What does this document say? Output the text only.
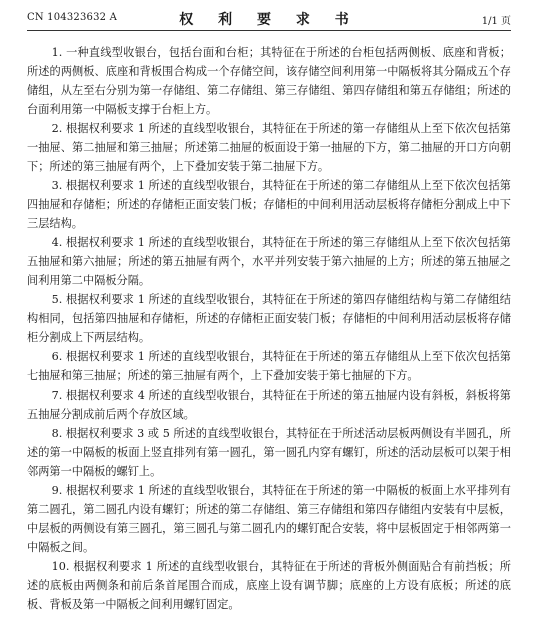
CN 104323632 A	权 利 要 求 书	1/1 页

1. 一种直线型收银台，包括台面和台柜；其特征在于所述的台柜包括两侧板、底座和背板；所述的两侧板、底座和背板围合构成一个存储空间，该存储空间利用第一中隔板将其分隔成五个存储组，从左至右分别为第一存储组、第二存储组、第三存储组、第四存储组和第五存储组；所述的台面利用第一中隔板支撑于台柜上方。

2. 根据权利要求 1 所述的直线型收银台，其特征在于所述的第一存储组从上至下依次包括第一抽屉、第二抽屉和第三抽屉；所述第二抽屉的板面设于第一抽屉的下方，第二抽屉的开口方向朝下；所述的第三抽屉有两个，上下叠加安装于第二抽屉下方。

3. 根据权利要求 1 所述的直线型收银台，其特征在于所述的第二存储组从上至下依次包括第四抽屉和存储柜；所述的存储柜正面安装门板；存储柜的中间利用活动层板将存储柜分割成上中下三层结构。

4. 根据权利要求 1 所述的直线型收银台，其特征在于所述的第三存储组从上至下依次包括第五抽屉和第六抽屉；所述的第五抽屉有两个，水平并列安装于第六抽屉的上方；所述的第五抽屉之间利用第二中隔板分隔。

5. 根据权利要求 1 所述的直线型收银台，其特征在于所述的第四存储组结构与第二存储组结构相同，包括第四抽屉和存储柜，所述的存储柜正面安装门板；存储柜的中间利用活动层板将存储柜分割成上下两层结构。

6. 根据权利要求 1 所述的直线型收银台，其特征在于所述的第五存储组从上至下依次包括第七抽屉和第三抽屉；所述的第三抽屉有两个，上下叠加安装于第七抽屉的下方。

7. 根据权利要求 4 所述的直线型收银台，其特征在于所述的第五抽屉内设有斜板，斜板将第五抽屉分割成前后两个存放区域。

8. 根据权利要求 3 或 5 所述的直线型收银台，其特征在于所述活动层板两侧设有半圆孔，所述的第一中隔板的板面上竖直排列有第一圆孔，第一圆孔内穿有螺钉，所述的活动层板可以架于相邻两第一中隔板的螺钉上。

9. 根据权利要求 1 所述的直线型收银台，其特征在于所述的第一中隔板的板面上水平排列有第二圆孔，第二圆孔内设有螺钉；所述的第二存储组、第三存储组和第四存储组内安装有中层板，中层板的两侧设有第三圆孔，第三圆孔与第二圆孔内的螺钉配合安装，将中层板固定于相邻两第一中隔板之间。

10. 根据权利要求 1 所述的直线型收银台，其特征在于所述的背板外侧面贴合有前挡板；所述的底板由两侧条和前后条首尾围合而成，底座上设有调节脚；底座的上方设有底板；所述的底板、背板及第一中隔板之间利用螺钉固定。
